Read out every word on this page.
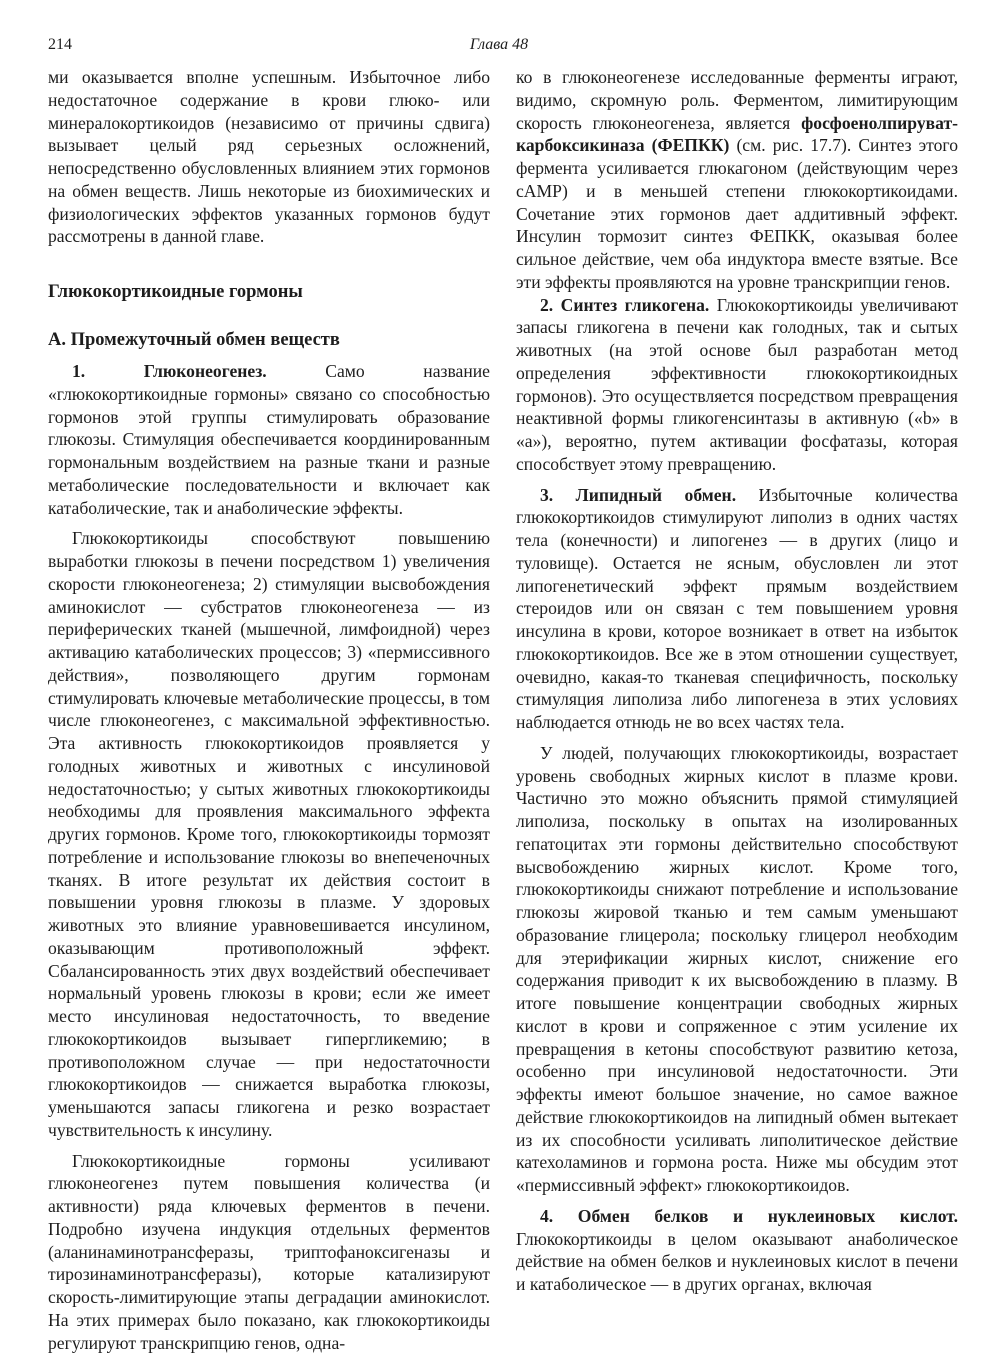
214	Глава 48

ми оказывается вполне успешным. Избыточное либо недостаточное содержание в крови глюко- или минералокортикоидов (независимо от причины сдвига) вызывает целый ряд серьезных осложнений, непосредственно обусловленных влиянием этих гормонов на обмен веществ. Лишь некоторые из биохимических и физиологических эффектов указанных гормонов будут рассмотрены в данной главе.

Глюкокортикоидные гормоны
А. Промежуточный обмен веществ

1. Глюконеогенез. Само название «глюкокортикоидные гормоны» связано со способностью гормонов этой группы стимулировать образование глюкозы. Стимуляция обеспечивается координированным гормональным воздействием на разные ткани и разные метаболические последовательности и включает как катаболические, так и анаболические эффекты.

Глюкокортикоиды способствуют повышению выработки глюкозы в печени посредством 1) увеличения скорости глюконеогенеза; 2) стимуляции высвобождения аминокислот — субстратов глюконеогенеза — из периферических тканей (мышечной, лимфоидной) через активацию катаболических процессов; 3) «пермиссивного действия», позволяющего другим гормонам стимулировать ключевые метаболические процессы, в том числе глюконеогенез, с максимальной эффективностью. Эта активность глюкокортикоидов проявляется у голодных животных и животных с инсулиновой недостаточностью; у сытых животных глюкокортикоиды необходимы для проявления максимального эффекта других гормонов. Кроме того, глюкокортикоиды тормозят потребление и использование глюкозы во внепеченочных тканях. В итоге результат их действия состоит в повышении уровня глюкозы в плазме. У здоровых животных это влияние уравновешивается инсулином, оказывающим противоположный эффект. Сбалансированность этих двух воздействий обеспечивает нормальный уровень глюкозы в крови; если же имеет место инсулиновая недостаточность, то введение глюкокортикоидов вызывает гипергликемию; в противоположном случае — при недостаточности глюкокортикоидов — снижается выработка глюкозы, уменьшаются запасы гликогена и резко возрастает чувствительность к инсулину.

Глюкокортикоидные гормоны усиливают глюконеогенез путем повышения количества (и активности) ряда ключевых ферментов в печени. Подробно изучена индукция отдельных ферментов (аланинаминотрансферазы, триптофаноксигеназы и тирозинаминотрансферазы), которые катализируют скорость-лимитирующие этапы деградации аминокислот. На этих примерах было показано, как глюкокортикоиды регулируют транскрипцию генов, одна-

ко в глюконеогенезе исследованные ферменты играют, видимо, скромную роль. Ферментом, лимитирующим скорость глюконеогенеза, является фосфоенолпируват-карбоксикиназа (ФЕПКК) (см. рис. 17.7). Синтез этого фермента усиливается глюкагоном (действующим через cAMP) и в меньшей степени глюкокортикоидами. Сочетание этих гормонов дает аддитивный эффект. Инсулин тормозит синтез ФЕПКК, оказывая более сильное действие, чем оба индуктора вместе взятые. Все эти эффекты проявляются на уровне транскрипции генов.

2. Синтез гликогена. Глюкокортикоиды увеличивают запасы гликогена в печени как голодных, так и сытых животных (на этой основе был разработан метод определения эффективности глюкокортикоидных гормонов). Это осуществляется посредством превращения неактивной формы гликогенсинтазы в активную («b» в «a»), вероятно, путем активации фосфатазы, которая способствует этому превращению.

3. Липидный обмен. Избыточные количества глюкокортикоидов стимулируют липолиз в одних частях тела (конечности) и липогенез — в других (лицо и туловище). Остается не ясным, обусловлен ли этот липогенетический эффект прямым воздействием стероидов или он связан с тем повышением уровня инсулина в крови, которое возникает в ответ на избыток глюкокортикоидов. Все же в этом отношении существует, очевидно, какая-то тканевая специфичность, поскольку стимуляция липолиза либо липогенеза в этих условиях наблюдается отнюдь не во всех частях тела.

У людей, получающих глюкокортикоиды, возрастает уровень свободных жирных кислот в плазме крови. Частично это можно объяснить прямой стимуляцией липолиза, поскольку в опытах на изолированных гепатоцитах эти гормоны действительно способствуют высвобождению жирных кислот. Кроме того, глюкокортикоиды снижают потребление и использование глюкозы жировой тканью и тем самым уменьшают образование глицерола; поскольку глицерол необходим для этерификации жирных кислот, снижение его содержания приводит к их высвобождению в плазму. В итоге повышение концентрации свободных жирных кислот в крови и сопряженное с этим усиление их превращения в кетоны способствуют развитию кетоза, особенно при инсулиновой недостаточности. Эти эффекты имеют большое значение, но самое важное действие глюкокортикоидов на липидный обмен вытекает из их способности усиливать липолитическое действие катехоламинов и гормона роста. Ниже мы обсудим этот «пермиссивный эффект» глюкокортикоидов.

4. Обмен белков и нуклеиновых кислот. Глюкокортикоиды в целом оказывают анаболическое действие на обмен белков и нуклеиновых кислот в печени и катаболическое — в других органах, включая
